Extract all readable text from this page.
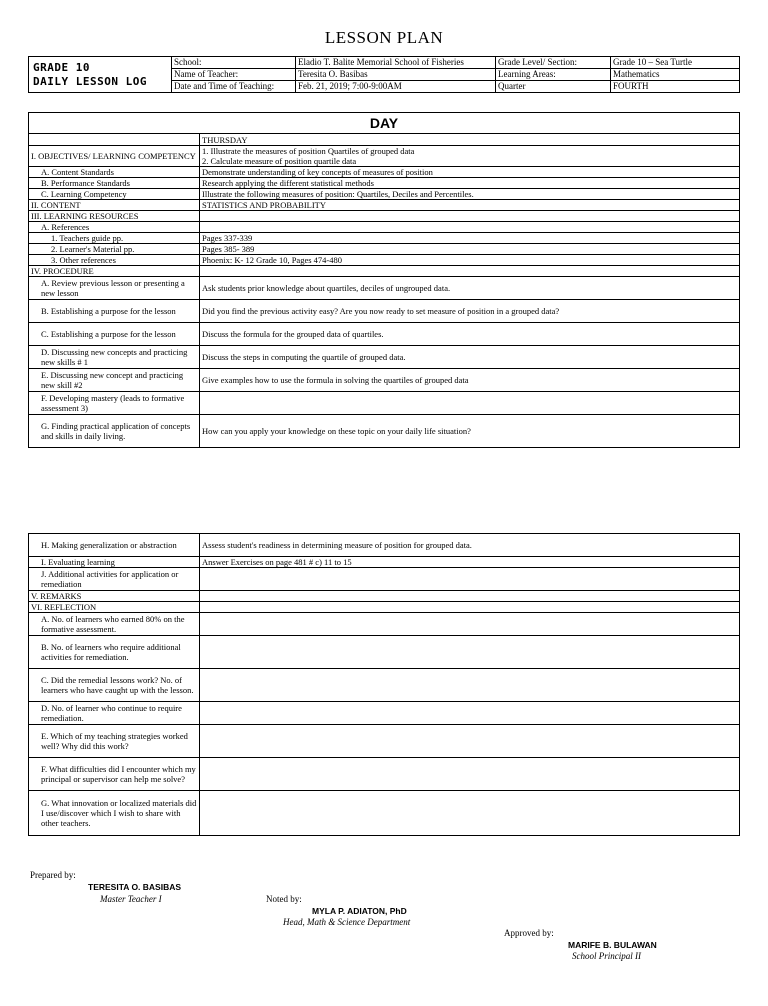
LESSON PLAN
GRADE 10
DAILY LESSON LOG	School:	Eladio T. Balite Memorial School of Fisheries	Grade Level/ Section:	Grade 10 – Sea Turtle
	Name of Teacher:	Teresita O. Basibas	Learning Areas:	Mathematics
	Date and Time of Teaching:	Feb. 21, 2019; 7:00-9:00AM	Quarter	FOURTH
DAY	
	THURSDAY
I. OBJECTIVES/ LEARNING COMPETENCY	1. Illustrate the measures of position Quartiles of grouped data
2. Calculate measure of position quartile data

A. Content Standards	Demonstrate understanding of key concepts of measures of position
B. Performance Standards	Research applying the different statistical methods
C. Learning Competency	Illustrate the following measures of position: Quartiles, Deciles and Percentiles.
II. CONTENT	STATISTICS AND PROBABILITY
III. LEARNING RESOURCES	
A. References	
1. Teachers guide pp.	Pages 337-339
2. Learner's Material pp.	Pages 385- 389
3. Other references	Phoenix: K- 12 Grade 10, Pages 474-480
IV. PROCEDURE	
A. Review previous lesson or presenting a new lesson	Ask students prior knowledge about quartiles, deciles of ungrouped data.
B. Establishing a purpose for the lesson	Did you find the previous activity easy? Are you now ready to set measure of position in a grouped data?
C. Establishing a purpose for the lesson	Discuss the formula for the grouped data of quartiles.
D. Discussing new concepts and practicing new skills # 1	Discuss the steps in computing the quartile of grouped data.
E. Discussing new concept and practicing new skill #2	Give examples how to use the formula in solving the quartiles of grouped data
F. Developing mastery (leads to formative assessment 3)	
G. Finding practical application of concepts and skills in daily living.	How can you apply your knowledge on these topic on your daily life situation?
H. Making generalization or abstraction	Assess student's readiness in determining measure of position for grouped data.
I. Evaluating learning	Answer Exercises on page 481 # c) 11 to 15
J. Additional activities for application or remediation	
V. REMARKS	
VI. REFLECTION	
A. No. of learners who earned 80% on the formative assessment.	
B. No. of learners who require additional activities for remediation.	
C. Did the remedial lessons work? No. of learners who have caught up with the lesson.	
D. No. of learner who continue to require remediation.	
E. Which of my teaching strategies worked well? Why did this work?	
F. What difficulties did I encounter which my principal or supervisor can help me solve?	
G. What innovation or localized materials did I use/discover which I wish to share with other teachers.	
Prepared by:
TERESITA O. BASIBAS
Master Teacher I	Noted by:
MYLA P. ADIATON, PhD
Head, Math & Science Department
Approved by:
MARIFE B. BULAWAN
School Principal II
